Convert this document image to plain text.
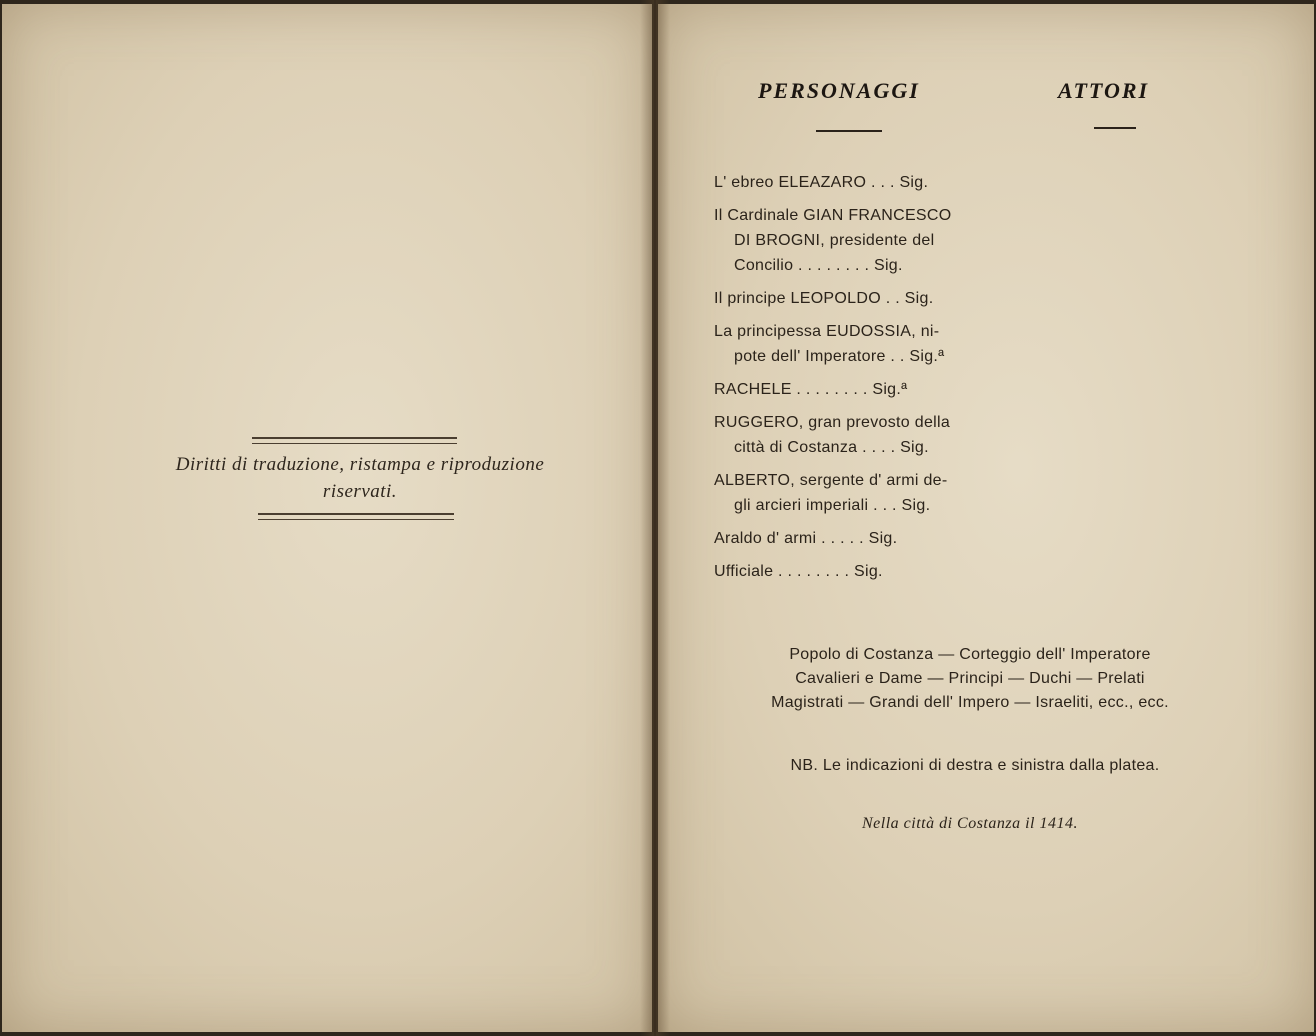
Diritti di traduzione, ristampa e riproduzione
riservati.
PERSONAGGI	ATTORI
L' ebreo ELEAZARO . . . Sig.
Il Cardinale GIAN FRANCESCO
DI BROGNI, presidente del
Concilio . . . . . . . . Sig.
Il principe LEOPOLDO . . Sig.
La principessa EUDOSSIA, ni-
pote dell' Imperatore . . Sig.ª
RACHELE . . . . . . . . Sig.ª
RUGGERO, gran prevosto della
città di Costanza . . . . Sig.
ALBERTO, sergente d' armi de-
gli arcieri imperiali . . . Sig.
Araldo d' armi . . . . . Sig.
Ufficiale . . . . . . . . Sig.
Popolo di Costanza — Corteggio dell' Imperatore
Cavalieri e Dame — Principi — Duchi — Prelati
Magistrati — Grandi dell' Impero — Israeliti, ecc., ecc.
NB. Le indicazioni di destra e sinistra dalla platea.
Nella città di Costanza il 1414.
